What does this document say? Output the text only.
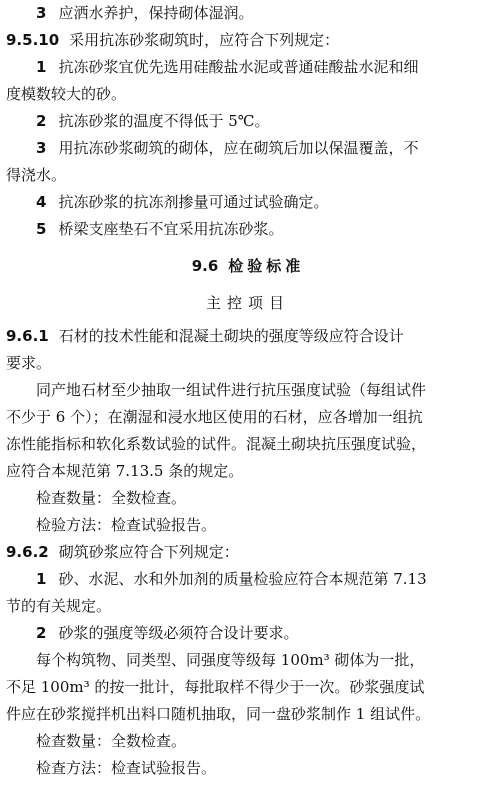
3 应洒水养护，保持砌体湿润。

9.5.10 采用抗冻砂浆砌筑时，应符合下列规定：

1 抗冻砂浆宜优先选用硅酸盐水泥或普通硅酸盐水泥和细

度模数较大的砂。

2 抗冻砂浆的温度不得低于 5℃。

3 用抗冻砂浆砌筑的砌体，应在砌筑后加以保温覆盖，不

得浇水。

4 抗冻砂浆的抗冻剂掺量可通过试验确定。

5 桥梁支座垫石不宜采用抗冻砂浆。

9.6 检验标准
主控项目

9.6.1 石材的技术性能和混凝土砌块的强度等级应符合设计

要求。

同产地石材至少抽取一组试件进行抗压强度试验（每组试件

不少于 6 个）；在潮湿和浸水地区使用的石材，应各增加一组抗

冻性能指标和软化系数试验的试件。混凝土砌块抗压强度试验，

应符合本规范第 7.13.5 条的规定。

检查数量：全数检查。

检验方法：检查试验报告。

9.6.2 砌筑砂浆应符合下列规定：

1 砂、水泥、水和外加剂的质量检验应符合本规范第 7.13

节的有关规定。

2 砂浆的强度等级必须符合设计要求。

每个构筑物、同类型、同强度等级每 100m³ 砌体为一批，

不足 100m³ 的按一批计，每批取样不得少于一次。砂浆强度试

件应在砂浆搅拌机出料口随机抽取，同一盘砂浆制作 1 组试件。

检查数量：全数检查。

检查方法：检查试验报告。
